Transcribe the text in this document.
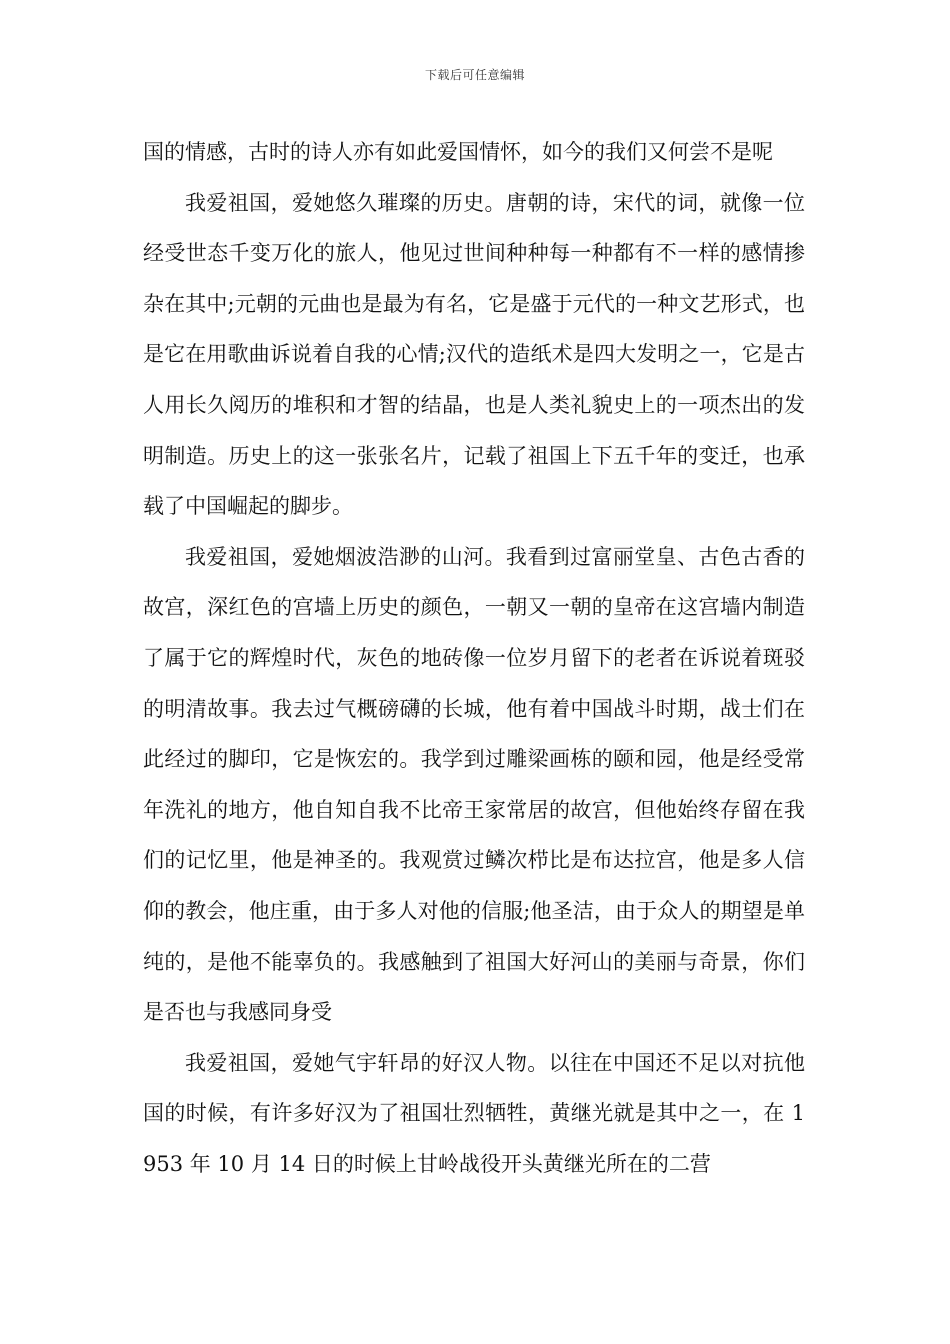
下载后可任意编辑

国的情感，古时的诗人亦有如此爱国情怀，如今的我们又何尝不是呢

我爱祖国，爱她悠久璀璨的历史。唐朝的诗，宋代的词，就像一位经受世态千变万化的旅人，他见过世间种种每一种都有不一样的感情掺杂在其中;元朝的元曲也是最为有名，它是盛于元代的一种文艺形式，也是它在用歌曲诉说着自我的心情;汉代的造纸术是四大发明之一，它是古人用长久阅历的堆积和才智的结晶，也是人类礼貌史上的一项杰出的发明制造。历史上的这一张张名片，记载了祖国上下五千年的变迁，也承载了中国崛起的脚步。

我爱祖国，爱她烟波浩渺的山河。我看到过富丽堂皇、古色古香的故宫，深红色的宫墙上历史的颜色，一朝又一朝的皇帝在这宫墙内制造了属于它的辉煌时代，灰色的地砖像一位岁月留下的老者在诉说着斑驳的明清故事。我去过气概磅礴的长城，他有着中国战斗时期，战士们在此经过的脚印，它是恢宏的。我学到过雕梁画栋的颐和园，他是经受常年洗礼的地方，他自知自我不比帝王家常居的故宫，但他始终存留在我们的记忆里，他是神圣的。我观赏过鳞次栉比是布达拉宫，他是多人信仰的教会，他庄重，由于多人对他的信服;他圣洁，由于众人的期望是单纯的，是他不能辜负的。我感触到了祖国大好河山的美丽与奇景，你们是否也与我感同身受

我爱祖国，爱她气宇轩昂的好汉人物。以往在中国还不足以对抗他国的时候，有许多好汉为了祖国壮烈牺牲，黄继光就是其中之一，在 1953 年 10 月 14 日的时候上甘岭战役开头黄继光所在的二营
